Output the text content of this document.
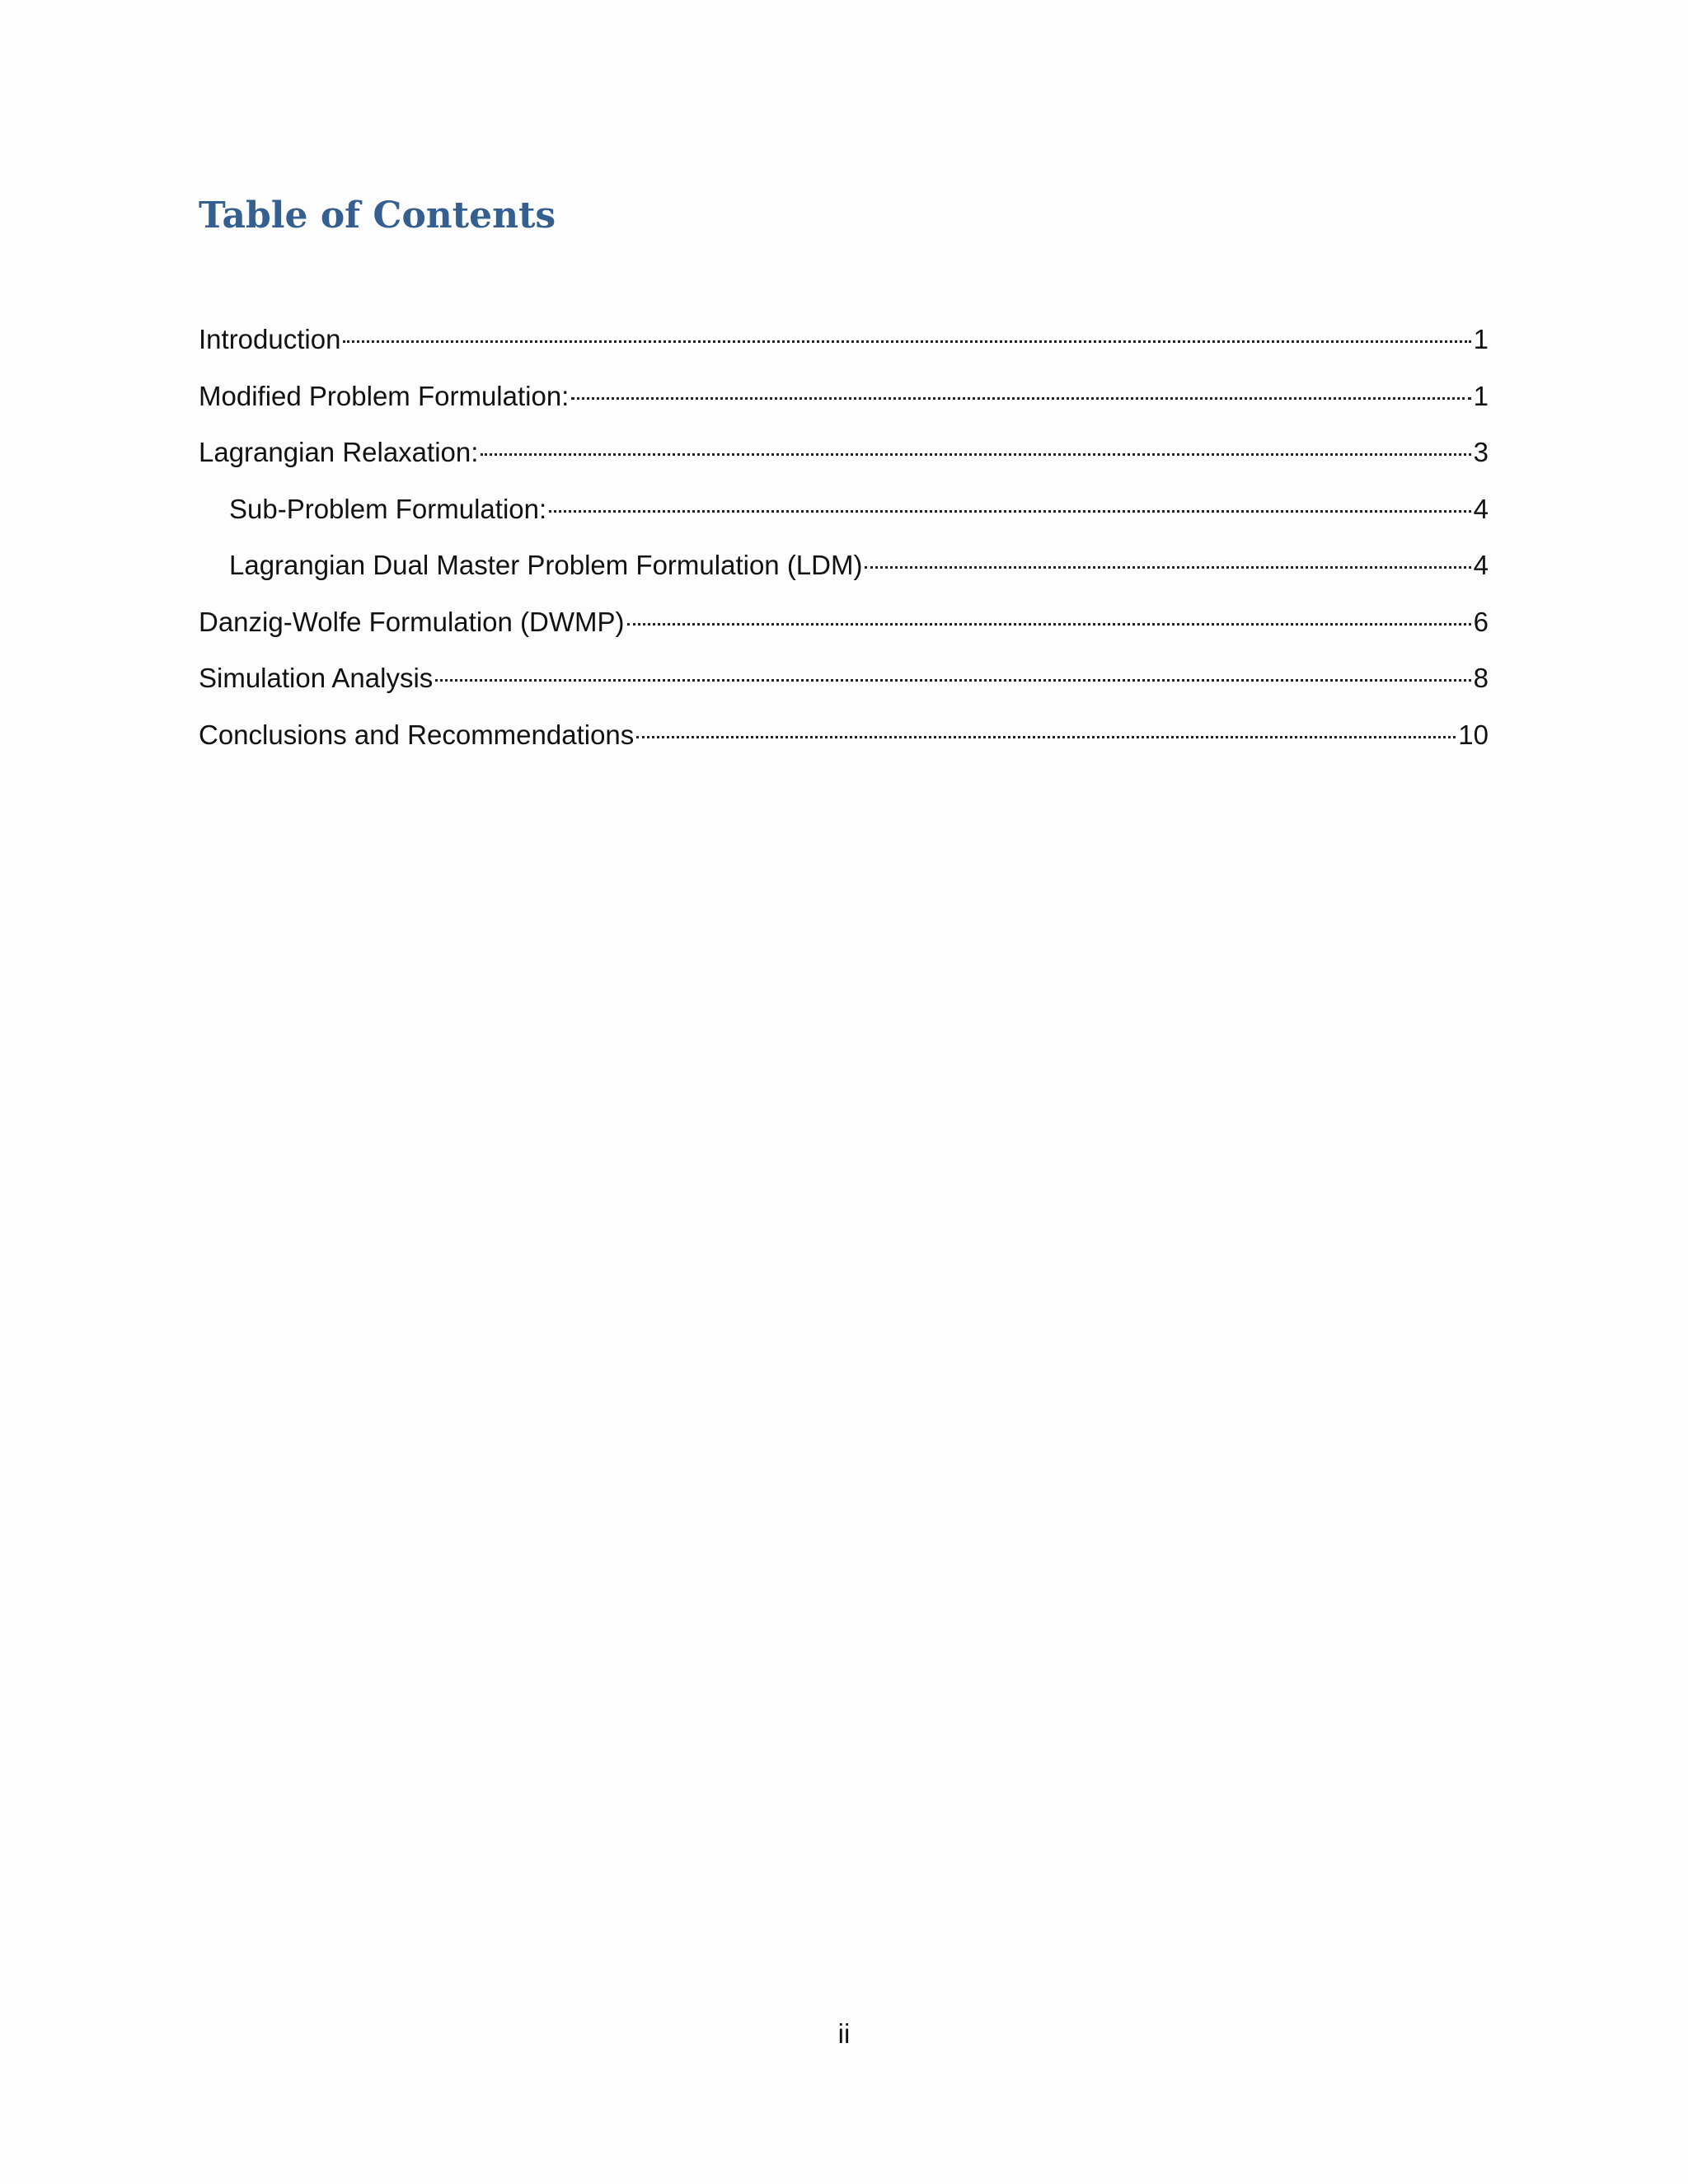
Table of Contents
Introduction	1
Modified Problem Formulation:	1
Lagrangian Relaxation:	3
Sub-Problem Formulation:	4
Lagrangian Dual Master Problem Formulation (LDM)	4
Danzig-Wolfe Formulation (DWMP)	6
Simulation Analysis	8
Conclusions and Recommendations	10
ii
